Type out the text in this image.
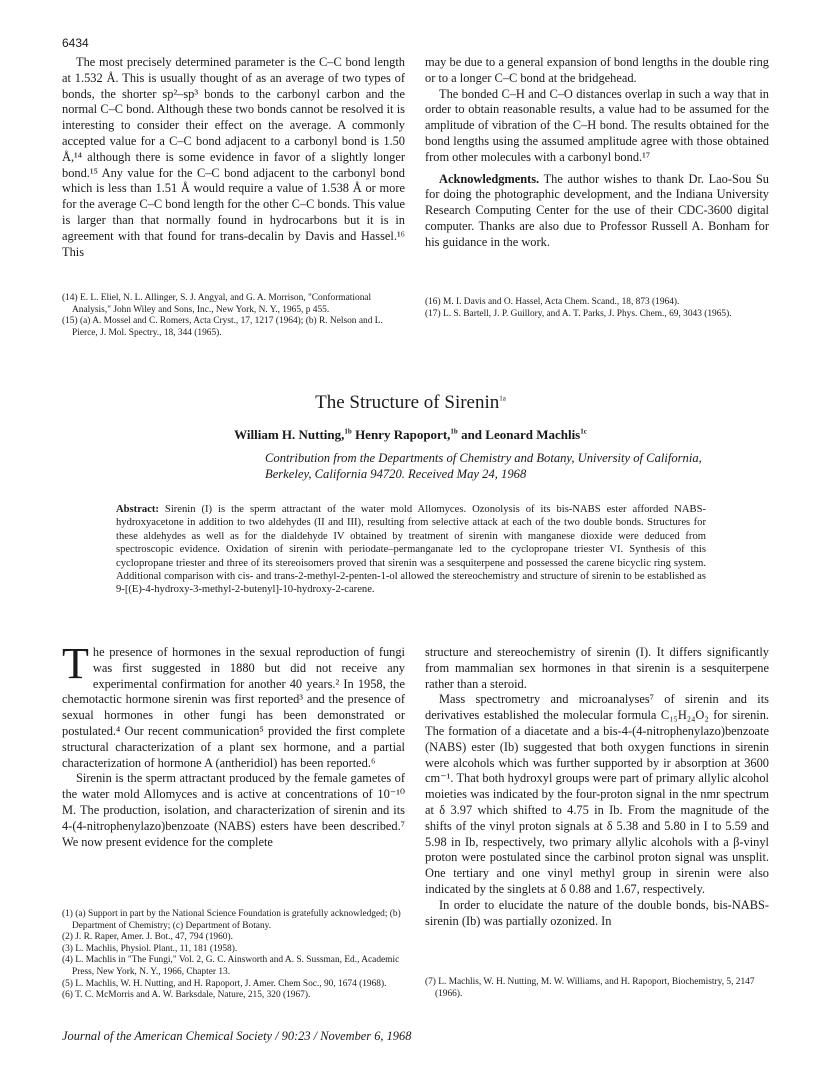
6434

The most precisely determined parameter is the C–C bond length at 1.532 Å. This is usually thought of as an average of two types of bonds, the shorter sp²–sp³ bonds to the carbonyl carbon and the normal C–C bond. Although these two bonds cannot be resolved it is interesting to consider their effect on the average. A commonly accepted value for a C–C bond adjacent to a carbonyl bond is 1.50 Å,¹⁴ although there is some evidence in favor of a slightly longer bond.¹⁵ Any value for the C–C bond adjacent to the carbonyl bond which is less than 1.51 Å would require a value of 1.538 Å or more for the average C–C bond length for the other C–C bonds. This value is larger than that normally found in hydrocarbons but it is in agreement with that found for trans-decalin by Davis and Hassel.¹⁶ This

(14) E. L. Eliel, N. L. Allinger, S. J. Angyal, and G. A. Morrison, "Conformational Analysis," John Wiley and Sons, Inc., New York, N. Y., 1965, p 455.
(15) (a) A. Mossel and C. Romers, Acta Cryst., 17, 1217 (1964); (b) R. Nelson and L. Pierce, J. Mol. Spectry., 18, 344 (1965).

may be due to a general expansion of bond lengths in the double ring or to a longer C–C bond at the bridgehead.

The bonded C–H and C–O distances overlap in such a way that in order to obtain reasonable results, a value had to be assumed for the amplitude of vibration of the C–H bond. The results obtained for the bond lengths using the assumed amplitude agree with those obtained from other molecules with a carbonyl bond.¹⁷

Acknowledgments. The author wishes to thank Dr. Lao-Sou Su for doing the photographic development, and the Indiana University Research Computing Center for the use of their CDC-3600 digital computer. Thanks are also due to Professor Russell A. Bonham for his guidance in the work.

(16) M. I. Davis and O. Hassel, Acta Chem. Scand., 18, 873 (1964).
(17) L. S. Bartell, J. P. Guillory, and A. T. Parks, J. Phys. Chem., 69, 3043 (1965).
The Structure of Sirenin$^{1a}$
William H. Nutting,$^{1b}$ Henry Rapoport,$^{1b}$ and Leonard Machlis$^{1c}$
Contribution from the Departments of Chemistry and Botany, University of California, Berkeley, California 94720. Received May 24, 1968
Abstract: Sirenin (I) is the sperm attractant of the water mold Allomyces. Ozonolysis of its bis-NABS ester afforded NABS-hydroxyacetone in addition to two aldehydes (II and III), resulting from selective attack at each of the two double bonds. Structures for these aldehydes as well as for the dialdehyde IV obtained by treatment of sirenin with manganese dioxide were deduced from spectroscopic evidence. Oxidation of sirenin with periodate–permanganate led to the cyclopropane triester VI. Synthesis of this cyclopropane triester and three of its stereoisomers proved that sirenin was a sesquiterpene and possessed the carene bicyclic ring system. Additional comparison with cis- and trans-2-methyl-2-penten-1-ol allowed the stereochemistry and structure of sirenin to be established as 9-[(E)-4-hydroxy-3-methyl-2-butenyl]-10-hydroxy-2-carene.

The presence of hormones in the sexual reproduction of fungi was first suggested in 1880 but did not receive any experimental confirmation for another 40 years.² In 1958, the chemotactic hormone sirenin was first reported³ and the presence of sexual hormones in other fungi has been demonstrated or postulated.⁴ Our recent communication⁵ provided the first complete structural characterization of a plant sex hormone, and a partial characterization of hormone A (antheridiol) has been reported.⁶

Sirenin is the sperm attractant produced by the female gametes of the water mold Allomyces and is active at concentrations of 10⁻¹⁰ M. The production, isolation, and characterization of sirenin and its 4-(4-nitrophenylazo)benzoate (NABS) esters have been described.⁷ We now present evidence for the complete

(1) (a) Support in part by the National Science Foundation is gratefully acknowledged; (b) Department of Chemistry; (c) Department of Botany.
(2) J. R. Raper, Amer. J. Bot., 47, 794 (1960).
(3) L. Machlis, Physiol. Plant., 11, 181 (1958).
(4) L. Machlis in "The Fungi," Vol. 2, G. C. Ainsworth and A. S. Sussman, Ed., Academic Press, New York, N. Y., 1966, Chapter 13.
(5) L. Machlis, W. H. Nutting, and H. Rapoport, J. Amer. Chem Soc., 90, 1674 (1968).
(6) T. C. McMorris and A. W. Barksdale, Nature, 215, 320 (1967).

structure and stereochemistry of sirenin (I). It differs significantly from mammalian sex hormones in that sirenin is a sesquiterpene rather than a steroid.

Mass spectrometry and microanalyses⁷ of sirenin and its derivatives established the molecular formula C₁₅H₂₄O₂ for sirenin. The formation of a diacetate and a bis-4-(4-nitrophenylazo)benzoate (NABS) ester (Ib) suggested that both oxygen functions in sirenin were alcohols which was further supported by ir absorption at 3600 cm⁻¹. That both hydroxyl groups were part of primary allylic alcohol moieties was indicated by the four-proton signal in the nmr spectrum at δ 3.97 which shifted to 4.75 in Ib. From the magnitude of the shifts of the vinyl proton signals at δ 5.38 and 5.80 in I to 5.59 and 5.98 in Ib, respectively, two primary allylic alcohols with a β-vinyl proton were postulated since the carbinol proton signal was unsplit. One tertiary and one vinyl methyl group in sirenin were also indicated by the singlets at δ 0.88 and 1.67, respectively.

In order to elucidate the nature of the double bonds, bis-NABS-sirenin (Ib) was partially ozonized. In

(7) L. Machlis, W. H. Nutting, M. W. Williams, and H. Rapoport, Biochemistry, 5, 2147 (1966).
Journal of the American Chemical Society / 90:23 / November 6, 1968
